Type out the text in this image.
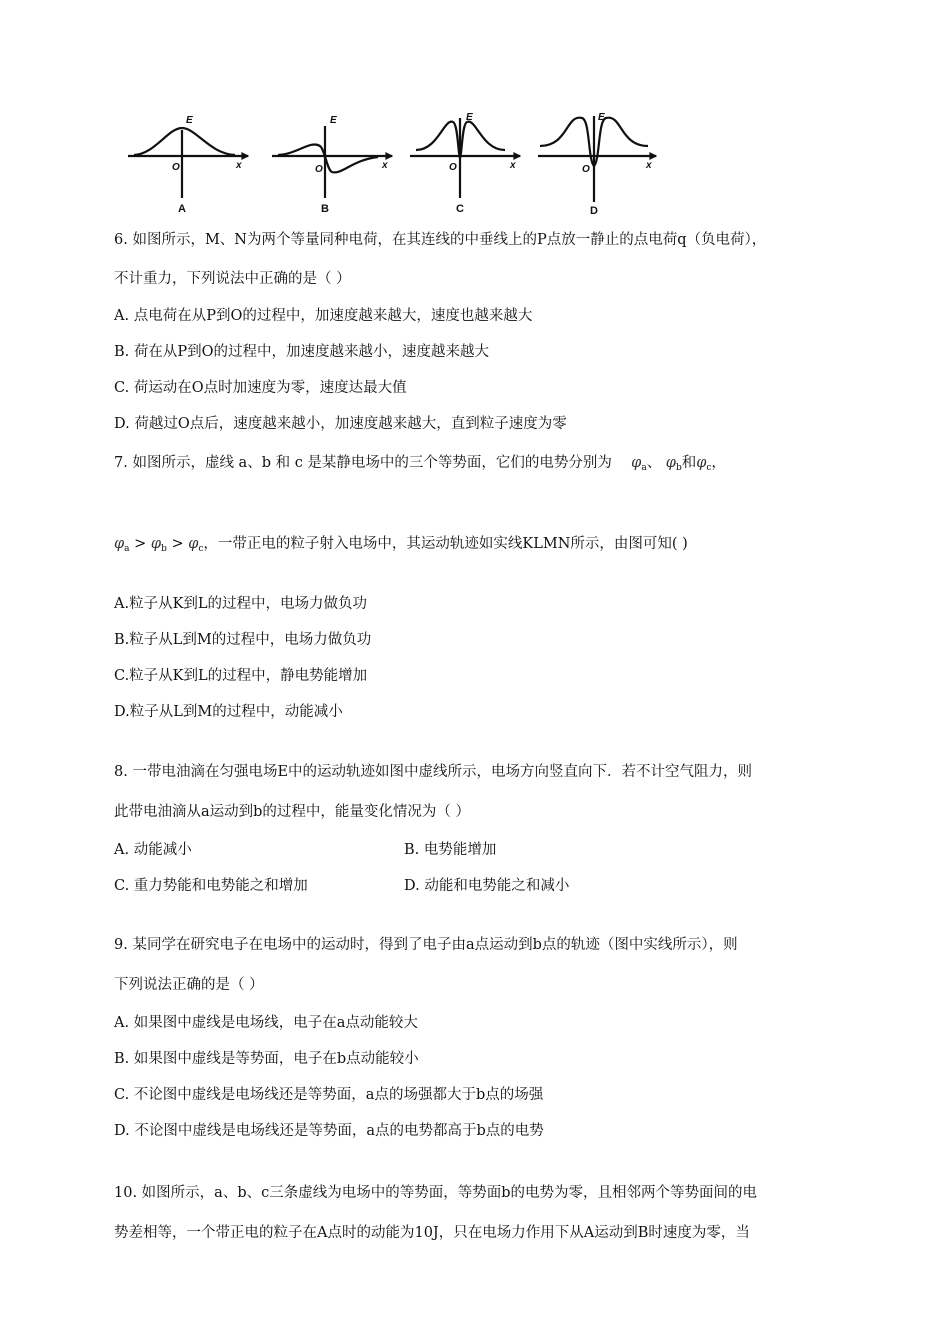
E
x
O
E
x
O
E
x
O
E
x
O
A	B	C	D
6. 如图所示，M、N为两个等量同种电荷，在其连线的中垂线上的P点放一静止的点电荷q（负电荷），
不计重力，下列说法中正确的是（ ）
A. 点电荷在从P到O的过程中，加速度越来越大，速度也越来越大
B. 荷在从P到O的过程中，加速度越来越小，速度越来越大
C. 荷运动在O点时加速度为零，速度达最大值
D. 荷越过O点后，速度越来越小，加速度越来越大，直到粒子速度为零
7. 如图所示，虚线 a、b 和 c 是某静电场中的三个等势面，它们的电势分别为 $\varphi_a$、 $\varphi_b$和$\varphi_c$，
$\varphi_a > \varphi_b > \varphi_c$，一带正电的粒子射入电场中，其运动轨迹如实线KLMN所示，由图可知( )
A.粒子从K到L的过程中，电场力做负功
B.粒子从L到M的过程中，电场力做负功
C.粒子从K到L的过程中，静电势能增加
D.粒子从L到M的过程中，动能减小
8. 一带电油滴在匀强电场E中的运动轨迹如图中虚线所示，电场方向竖直向下．若不计空气阻力，则
此带电油滴从a运动到b的过程中，能量变化情况为（ ）
A. 动能减小	B. 电势能增加
C. 重力势能和电势能之和增加	D. 动能和电势能之和减小
9. 某同学在研究电子在电场中的运动时，得到了电子由a点运动到b点的轨迹（图中实线所示），则
下列说法正确的是（ ）
A. 如果图中虚线是电场线，电子在a点动能较大
B. 如果图中虚线是等势面，电子在b点动能较小
C. 不论图中虚线是电场线还是等势面，a点的场强都大于b点的场强
D. 不论图中虚线是电场线还是等势面，a点的电势都高于b点的电势
10. 如图所示，a、b、c三条虚线为电场中的等势面，等势面b的电势为零，且相邻两个等势面间的电
势差相等，一个带正电的粒子在A点时的动能为10J，只在电场力作用下从A运动到B时速度为零，当
